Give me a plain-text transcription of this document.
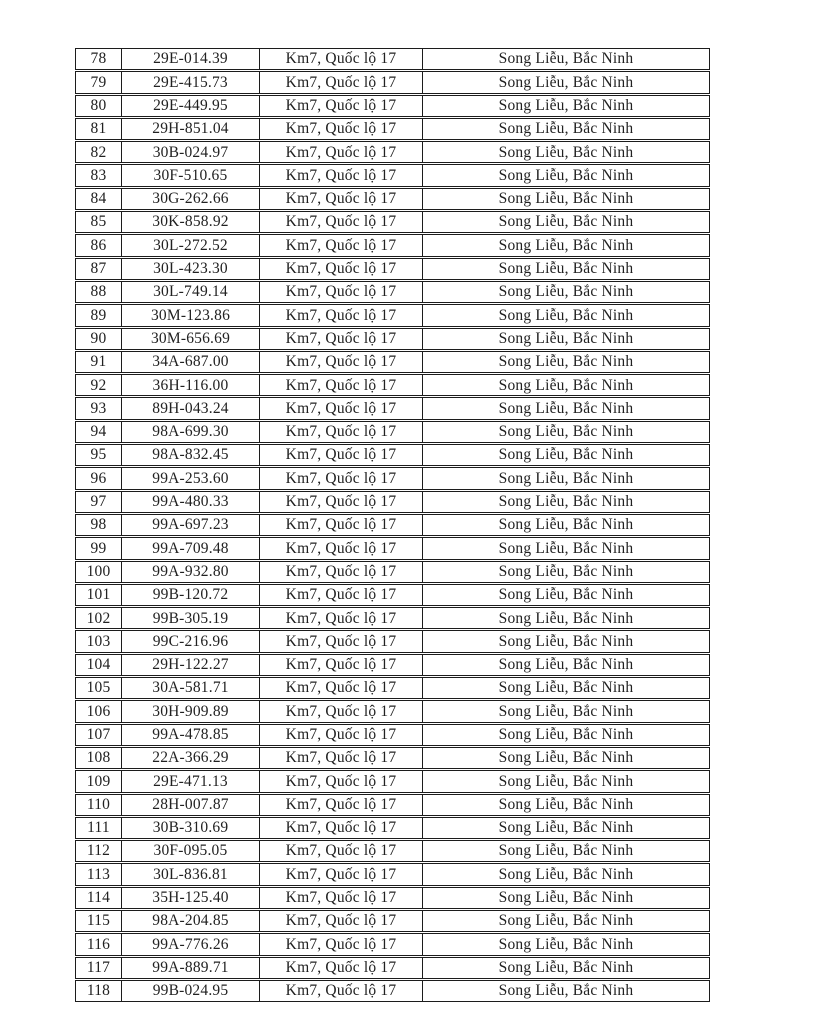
78	29E-014.39	Km7, Quốc lộ 17	Song Liễu, Bắc Ninh
79	29E-415.73	Km7, Quốc lộ 17	Song Liễu, Bắc Ninh
80	29E-449.95	Km7, Quốc lộ 17	Song Liễu, Bắc Ninh
81	29H-851.04	Km7, Quốc lộ 17	Song Liễu, Bắc Ninh
82	30B-024.97	Km7, Quốc lộ 17	Song Liễu, Bắc Ninh
83	30F-510.65	Km7, Quốc lộ 17	Song Liễu, Bắc Ninh
84	30G-262.66	Km7, Quốc lộ 17	Song Liễu, Bắc Ninh
85	30K-858.92	Km7, Quốc lộ 17	Song Liễu, Bắc Ninh
86	30L-272.52	Km7, Quốc lộ 17	Song Liễu, Bắc Ninh
87	30L-423.30	Km7, Quốc lộ 17	Song Liễu, Bắc Ninh
88	30L-749.14	Km7, Quốc lộ 17	Song Liễu, Bắc Ninh
89	30M-123.86	Km7, Quốc lộ 17	Song Liễu, Bắc Ninh
90	30M-656.69	Km7, Quốc lộ 17	Song Liễu, Bắc Ninh
91	34A-687.00	Km7, Quốc lộ 17	Song Liễu, Bắc Ninh
92	36H-116.00	Km7, Quốc lộ 17	Song Liễu, Bắc Ninh
93	89H-043.24	Km7, Quốc lộ 17	Song Liễu, Bắc Ninh
94	98A-699.30	Km7, Quốc lộ 17	Song Liễu, Bắc Ninh
95	98A-832.45	Km7, Quốc lộ 17	Song Liễu, Bắc Ninh
96	99A-253.60	Km7, Quốc lộ 17	Song Liễu, Bắc Ninh
97	99A-480.33	Km7, Quốc lộ 17	Song Liễu, Bắc Ninh
98	99A-697.23	Km7, Quốc lộ 17	Song Liễu, Bắc Ninh
99	99A-709.48	Km7, Quốc lộ 17	Song Liễu, Bắc Ninh
100	99A-932.80	Km7, Quốc lộ 17	Song Liễu, Bắc Ninh
101	99B-120.72	Km7, Quốc lộ 17	Song Liễu, Bắc Ninh
102	99B-305.19	Km7, Quốc lộ 17	Song Liễu, Bắc Ninh
103	99C-216.96	Km7, Quốc lộ 17	Song Liễu, Bắc Ninh
104	29H-122.27	Km7, Quốc lộ 17	Song Liễu, Bắc Ninh
105	30A-581.71	Km7, Quốc lộ 17	Song Liễu, Bắc Ninh
106	30H-909.89	Km7, Quốc lộ 17	Song Liễu, Bắc Ninh
107	99A-478.85	Km7, Quốc lộ 17	Song Liễu, Bắc Ninh
108	22A-366.29	Km7, Quốc lộ 17	Song Liễu, Bắc Ninh
109	29E-471.13	Km7, Quốc lộ 17	Song Liễu, Bắc Ninh
110	28H-007.87	Km7, Quốc lộ 17	Song Liễu, Bắc Ninh
111	30B-310.69	Km7, Quốc lộ 17	Song Liễu, Bắc Ninh
112	30F-095.05	Km7, Quốc lộ 17	Song Liễu, Bắc Ninh
113	30L-836.81	Km7, Quốc lộ 17	Song Liễu, Bắc Ninh
114	35H-125.40	Km7, Quốc lộ 17	Song Liễu, Bắc Ninh
115	98A-204.85	Km7, Quốc lộ 17	Song Liễu, Bắc Ninh
116	99A-776.26	Km7, Quốc lộ 17	Song Liễu, Bắc Ninh
117	99A-889.71	Km7, Quốc lộ 17	Song Liễu, Bắc Ninh
118	99B-024.95	Km7, Quốc lộ 17	Song Liễu, Bắc Ninh
